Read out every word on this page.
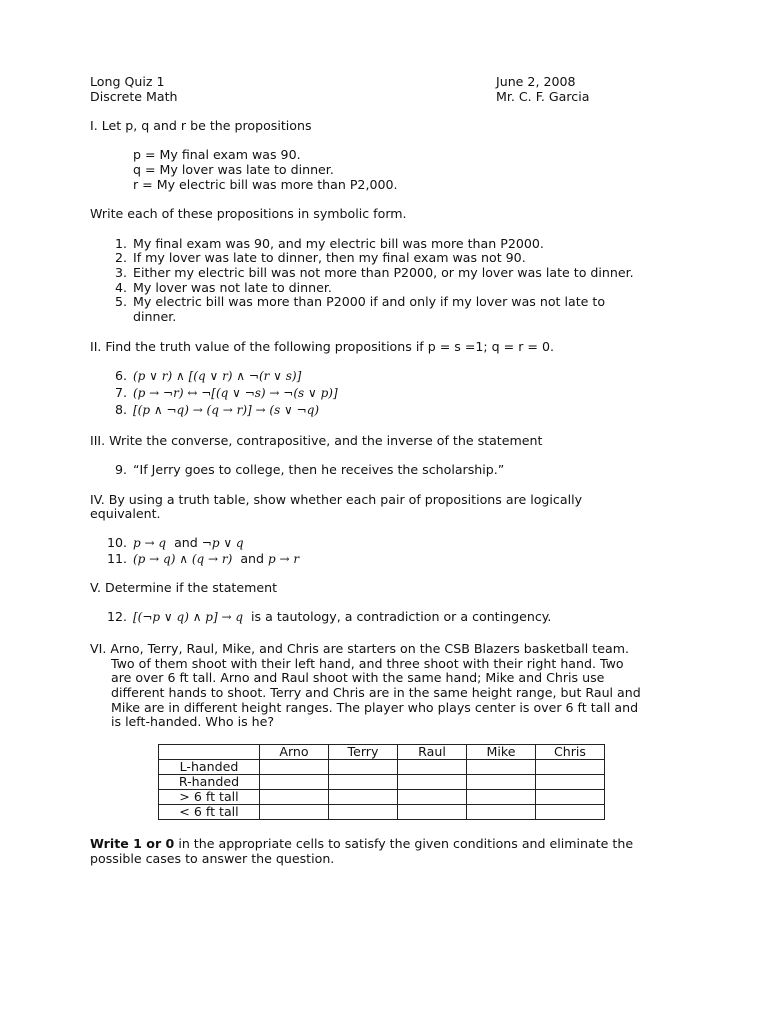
Long Quiz 1
Discrete Math
June 2, 2008
Mr. C. F. Garcia
I. Let p, q and r be the propositions
p = My final exam was 90.
q = My lover was late to dinner.
r = My electric bill was more than P2,000.
Write each of these propositions in symbolic form.
1. My final exam was 90, and my electric bill was more than P2000.
2. If my lover was late to dinner, then my final exam was not 90.
3. Either my electric bill was not more than P2000, or my lover was late to dinner.
4. My lover was not late to dinner.
5. My electric bill was more than P2000 if and only if my lover was not late to
dinner.
II. Find the truth value of the following propositions if p = s =1; q = r = 0.
6. (p ∨ r) ∧ [(q ∨ r) ∧ ¬(r ∨ s)]
7. (p → ¬r) ↔ ¬[(q ∨ ¬s) → ¬(s ∨ p)]
8. [(p ∧ ¬q) → (q → r)] → (s ∨ ¬q)
III. Write the converse, contrapositive, and the inverse of the statement
9. “If Jerry goes to college, then he receives the scholarship.”
IV. By using a truth table, show whether each pair of propositions are logically
equivalent.
10. p → q and ¬p ∨ q
11. (p → q) ∧ (q → r) and p → r
V. Determine if the statement
12. [(¬p ∨ q) ∧ p] → q is a tautology, a contradiction or a contingency.
VI. Arno, Terry, Raul, Mike, and Chris are starters on the CSB Blazers basketball team.
Two of them shoot with their left hand, and three shoot with their right hand. Two
are over 6 ft tall. Arno and Raul shoot with the same hand; Mike and Chris use
different hands to shoot. Terry and Chris are in the same height range, but Raul and
Mike are in different height ranges. The player who plays center is over 6 ft tall and
is left-handed. Who is he?
	Arno	Terry	Raul	Mike	Chris
L-handed					
R-handed					
> 6 ft tall					
< 6 ft tall					
Write 1 or 0 in the appropriate cells to satisfy the given conditions and eliminate the
possible cases to answer the question.
